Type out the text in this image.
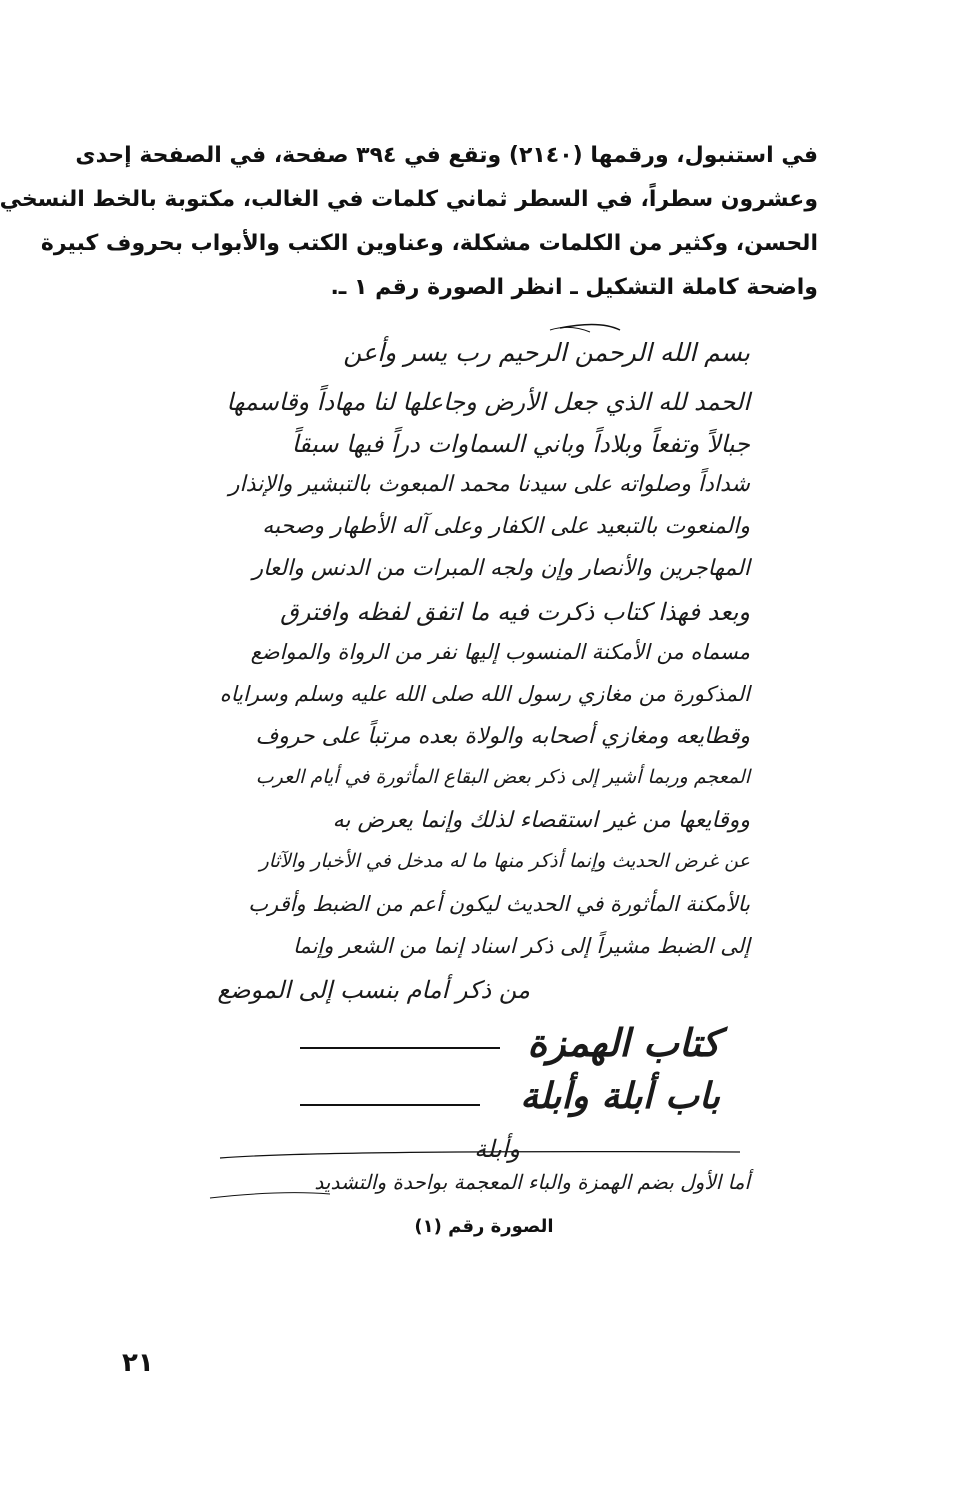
في استنبول، ورقمها (٢١٤٠) وتقع في ٣٩٤ صفحة، في الصفحة إحدى
وعشرون سطراً، في السطر ثماني كلمات في الغالب، مكتوبة بالخط النسخي
الحسن، وكثير من الكلمات مشكلة، وعناوين الكتب والأبواب بحروف كبيرة
واضحة كاملة التشكيل ـ انظر الصورة رقم ١ ـ.
بسم الله الرحمن الرحيم رب يسر وأعن
الحمد لله الذي جعل الأرض وجاعلها لنا مهاداً وقاسمها
جبالاً وتفعاً وبلاداً وباني السماوات دراً فيها سبقاً
شداداً وصلواته على سيدنا محمد المبعوث بالتبشير والإنذار
والمنعوت بالتبعيد على الكفار وعلى آله الأطهار وصحبه
المهاجرين والأنصار وإن ولجه المبرات من الدنس والعار
وبعد فهذا كتاب ذكرت فيه ما اتفق لفظه وافترق
مسماه من الأمكنة المنسوب إليها نفر من الرواة والمواضع
المذكورة من مغازي رسول الله صلى الله عليه وسلم وسراياه
وقطايعه ومغازي أصحابه والولاة بعده مرتباً على حروف
المعجم وربما أشير إلى ذكر بعض البقاع المأثورة في أيام العرب
ووقايعها من غير استقصاء لذلك وإنما يعرض به
عن غرض الحديث وإنما أذكر منها ما له مدخل في الأخبار والآثار
بالأمكنة المأثورة في الحديث ليكون أعم من الضبط وأقرب
إلى الضبط مشيراً إلى ذكر اسناد إنما من الشعر وإنما
من ذكر أمام بنسب إلى الموضع
كتاب الهمزة
باب أبلة وأبلة
وأبلة
أما الأول بضم الهمزة والباء المعجمة بواحدة والتشديد
الصورة رقم (١)
٢١
